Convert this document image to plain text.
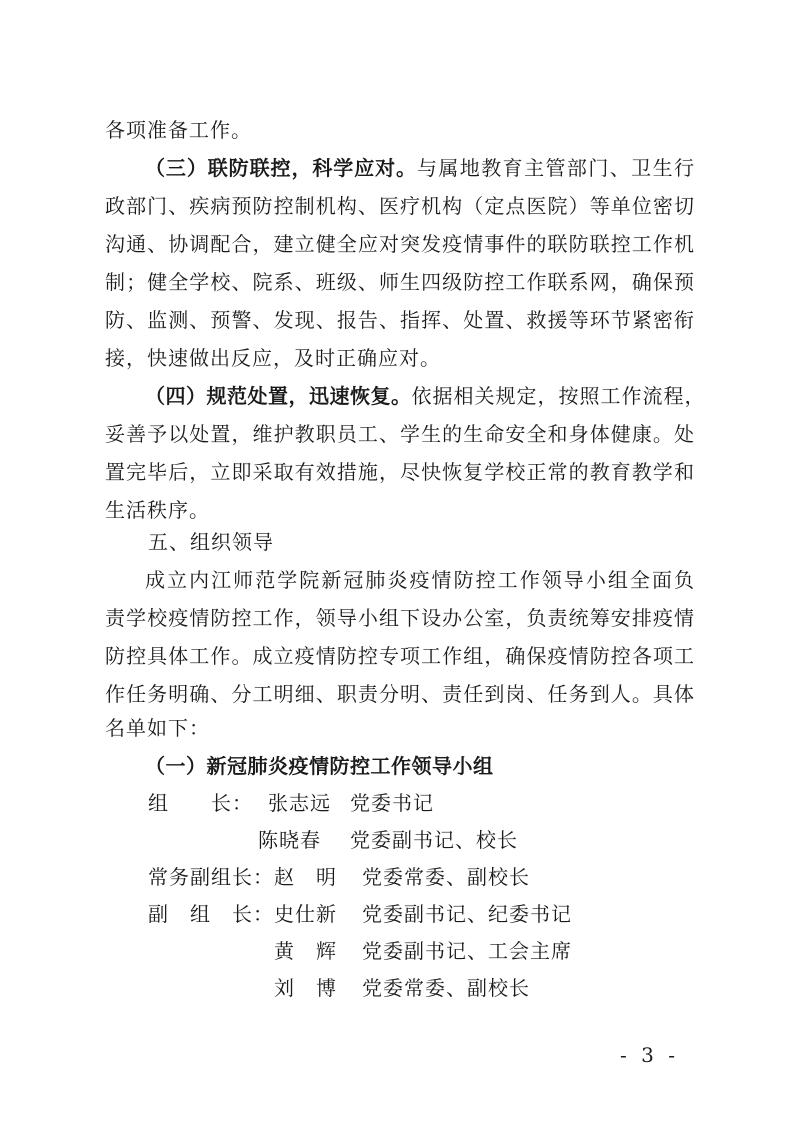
各项准备工作。
（三）联防联控，科学应对。与属地教育主管部门、卫生行
政部门、疾病预防控制机构、医疗机构（定点医院）等单位密切
沟通、协调配合，建立健全应对突发疫情事件的联防联控工作机
制；健全学校、院系、班级、师生四级防控工作联系网，确保预
防、监测、预警、发现、报告、指挥、处置、救援等环节紧密衔
接，快速做出反应，及时正确应对。
（四）规范处置，迅速恢复。依据相关规定，按照工作流程，
妥善予以处置，维护教职员工、学生的生命安全和身体健康。处
置完毕后，立即采取有效措施，尽快恢复学校正常的教育教学和
生活秩序。
五、组织领导
成立内江师范学院新冠肺炎疫情防控工作领导小组全面负
责学校疫情防控工作，领导小组下设办公室，负责统筹安排疫情
防控具体工作。成立疫情防控专项工作组，确保疫情防控各项工
作任务明确、分工明细、职责分明、责任到岗、任务到人。具体
名单如下：
（一）新冠肺炎疫情防控工作领导小组
组　　长： 张志远 党委书记
陈晓春 党委副书记、校长
常务副组长： 赵　明 党委常委、副校长
副　组　长： 史仕新 党委副书记、纪委书记
黄　辉 党委副书记、工会主席
刘　博 党委常委、副校长
- 3 -
